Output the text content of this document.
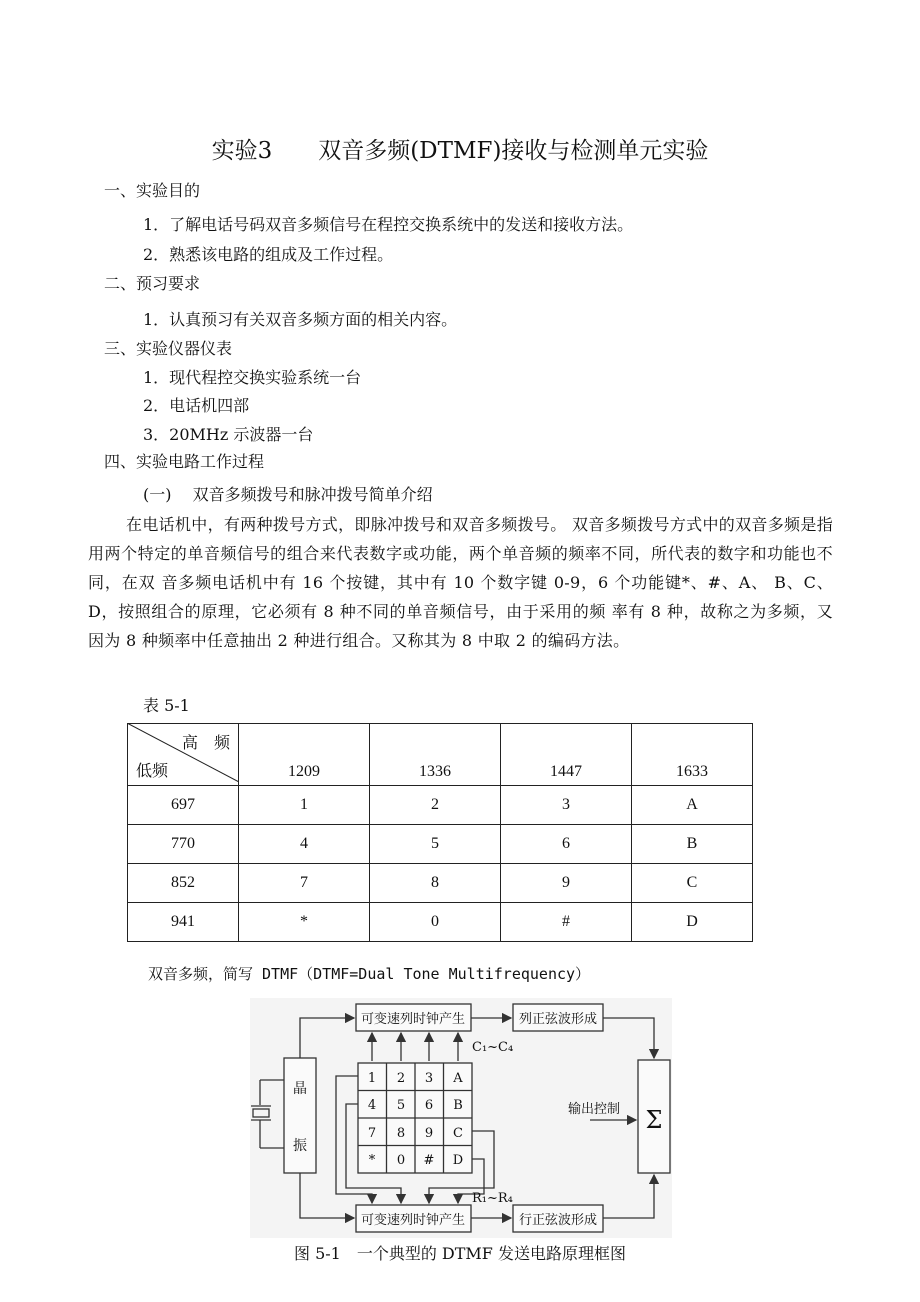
实验3　　双音多频(DTMF)接收与检测单元实验
一、实验目的
1．了解电话号码双音多频信号在程控交换系统中的发送和接收方法。
2．熟悉该电路的组成及工作过程。
二、预习要求
1．认真预习有关双音多频方面的相关内容。
三、实验仪器仪表
1．现代程控交换实验系统一台
2．电话机四部
3．20MHz 示波器一台
四、实验电路工作过程
(一)　 双音多频拨号和脉冲拨号简单介绍
在电话机中，有两种拨号方式，即脉冲拨号和双音多频拨号。 双音多频拨号方式中的双音多频是指用两个特定的单音频信号的组合来代表数字或功能，两个单音频的频率不同，所代表的数字和功能也不同，在双 音多频电话机中有 16 个按键，其中有 10 个数字键 0-9，6 个功能键*、#、A、 B、C、D，按照组合的原理，它必须有 8 种不同的单音频信号，由于采用的频 率有 8 种，故称之为多频，又因为 8 种频率中任意抽出 2 种进行组合。又称其为 8 中取 2 的编码方法。
表 5-1
高　频
低频	1209	1336	1447	1633
697	1	2	3	A
770	4	5	6	B
852	7	8	9	C
941	*	0	#	D
双音多频，简写 DTMF（DTMF=Dual Tone Multifrequency）
可变速列时钟产生
可变速列时钟产生
列正弦波形成
行正弦波形成
晶
振
C₁~C₄
R₁~R₄
输出控制 Σ
1 2 3 A
4 5 6 B
7 8 9 C
* 0 # D
图 5-1　一个典型的 DTMF 发送电路原理框图
